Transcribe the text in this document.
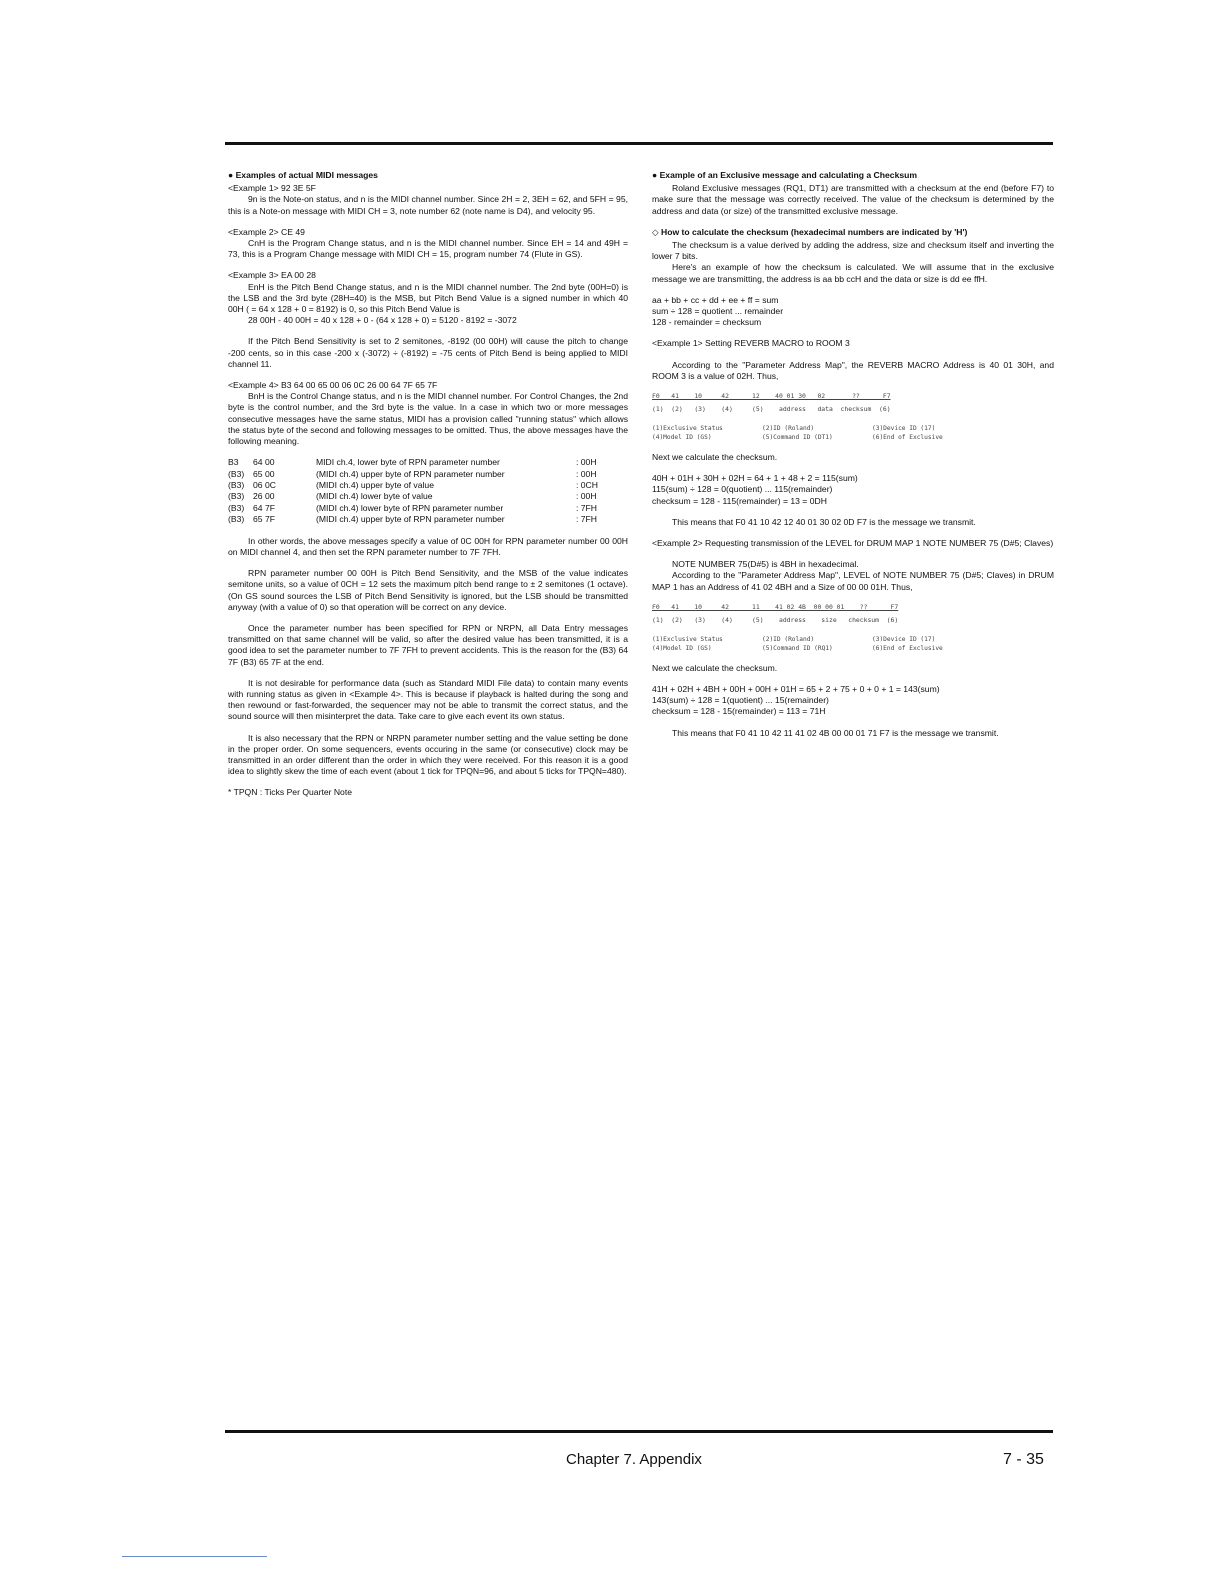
● Examples of actual MIDI messages
<Example 1> 92 3E 5F
9n is the Note-on status, and n is the MIDI channel number. Since 2H = 2, 3EH = 62, and 5FH = 95, this is a Note-on message with MIDI CH = 3, note number 62 (note name is D4), and velocity 95.
<Example 2> CE 49
CnH is the Program Change status, and n is the MIDI channel number. Since EH = 14 and 49H = 73, this is a Program Change message with MIDI CH = 15, program number 74 (Flute in GS).
<Example 3> EA 00 28
EnH is the Pitch Bend Change status, and n is the MIDI channel number. The 2nd byte (00H=0) is the LSB and the 3rd byte (28H=40) is the MSB, but Pitch Bend Value is a signed number in which 40 00H ( = 64 x 128 + 0 = 8192) is 0, so this Pitch Bend Value is
28 00H - 40 00H = 40 x 128 + 0 - (64 x 128 + 0) = 5120 - 8192 = -3072
If the Pitch Bend Sensitivity is set to 2 semitones, -8192 (00 00H) will cause the pitch to change -200 cents, so in this case -200 x (-3072) ÷ (-8192) = -75 cents of Pitch Bend is being applied to MIDI channel 11.
<Example 4> B3 64 00 65 00 06 0C 26 00 64 7F 65 7F
BnH is the Control Change status, and n is the MIDI channel number. For Control Changes, the 2nd byte is the control number, and the 3rd byte is the value. In a case in which two or more messages consecutive messages have the same status, MIDI has a provision called "running status" which allows the status byte of the second and following messages to be omitted. Thus, the above messages have the following meaning.
B3	64 00	MIDI ch.4, lower byte of RPN parameter number	: 00H
(B3)	65 00	(MIDI ch.4) upper byte of RPN parameter number	: 00H
(B3)	06 0C	(MIDI ch.4) upper byte of value	: 0CH
(B3)	26 00	(MIDI ch.4) lower byte of value	: 00H
(B3)	64 7F	(MIDI ch.4) lower byte of RPN parameter number	: 7FH
(B3)	65 7F	(MIDI ch.4) upper byte of RPN parameter number	: 7FH
In other words, the above messages specify a value of 0C 00H for RPN parameter number 00 00H on MIDI channel 4, and then set the RPN parameter number to 7F 7FH.
RPN parameter number 00 00H is Pitch Bend Sensitivity, and the MSB of the value indicates semitone units, so a value of 0CH = 12 sets the maximum pitch bend range to ± 2 semitones (1 octave). (On GS sound sources the LSB of Pitch Bend Sensitivity is ignored, but the LSB should be transmitted anyway (with a value of 0) so that operation will be correct on any device.
Once the parameter number has been specified for RPN or NRPN, all Data Entry messages transmitted on that same channel will be valid, so after the desired value has been transmitted, it is a good idea to set the parameter number to 7F 7FH to prevent accidents. This is the reason for the (B3) 64 7F (B3) 65 7F at the end.
It is not desirable for performance data (such as Standard MIDI File data) to contain many events with running status as given in <Example 4>. This is because if playback is halted during the song and then rewound or fast-forwarded, the sequencer may not be able to transmit the correct status, and the sound source will then misinterpret the data. Take care to give each event its own status.
It is also necessary that the RPN or NRPN parameter number setting and the value setting be done in the proper order. On some sequencers, events occuring in the same (or consecutive) clock may be transmitted in an order different than the order in which they were received. For this reason it is a good idea to slightly skew the time of each event (about 1 tick for TPQN=96, and about 5 ticks for TPQN=480).
* TPQN : Ticks Per Quarter Note
● Example of an Exclusive message and calculating a Checksum
Roland Exclusive messages (RQ1, DT1) are transmitted with a checksum at the end (before F7) to make sure that the message was correctly received. The value of the checksum is determined by the address and data (or size) of the transmitted exclusive message.
◇ How to calculate the checksum (hexadecimal numbers are indicated by 'H')
The checksum is a value derived by adding the address, size and checksum itself and inverting the lower 7 bits.
Here's an example of how the checksum is calculated. We will assume that in the exclusive message we are transmitting, the address is aa bb ccH and the data or size is dd ee ffH.
aa + bb + cc + dd + ee + ff = sum
sum ÷ 128 = quotient ... remainder
128 - remainder = checksum
<Example 1> Setting REVERB MACRO to ROOM 3
According to the "Parameter Address Map", the REVERB MACRO Address is 40 01 30H, and ROOM 3 is a value of 02H. Thus,
F0   41    10     42      12    40 01 30   02       ??      F7
(1)  (2)   (3)    (4)     (5)    address   data  checksum  (6)
(1)Exclusive Status	(2)ID (Roland)	(3)Device ID (17)
(4)Model ID (GS)	(5)Command ID (DT1)	(6)End of Exclusive
Next we calculate the checksum.
40H + 01H + 30H + 02H = 64 + 1 + 48 + 2 = 115(sum)
115(sum) ÷ 128 = 0(quotient) ... 115(remainder)
checksum = 128 - 115(remainder) = 13 = 0DH
This means that F0 41 10 42 12 40 01 30 02 0D F7 is the message we transmit.
<Example 2> Requesting transmission of the LEVEL for DRUM MAP 1 NOTE NUMBER 75 (D#5; Claves)
NOTE NUMBER 75(D#5) is 4BH in hexadecimal.
According to the "Parameter Address Map", LEVEL of NOTE NUMBER 75 (D#5; Claves) in DRUM MAP 1 has an Address of 41 02 4BH and a Size of 00 00 01H. Thus,
F0   41    10     42      11    41 02 4B  00 00 01    ??      F7
(1)  (2)   (3)    (4)     (5)    address    size   checksum  (6)
(1)Exclusive Status	(2)ID (Roland)	(3)Device ID (17)
(4)Model ID (GS)	(5)Command ID (RQ1)	(6)End of Exclusive
Next we calculate the checksum.
41H + 02H + 4BH + 00H + 00H + 01H = 65 + 2 + 75 + 0 + 0 + 1 = 143(sum)
143(sum) ÷ 128 = 1(quotient) ... 15(remainder)
checksum = 128 - 15(remainder) = 113 = 71H
This means that F0 41 10 42 11 41 02 4B 00 00 01 71 F7 is the message we transmit.
Chapter 7. Appendix	7 - 35
